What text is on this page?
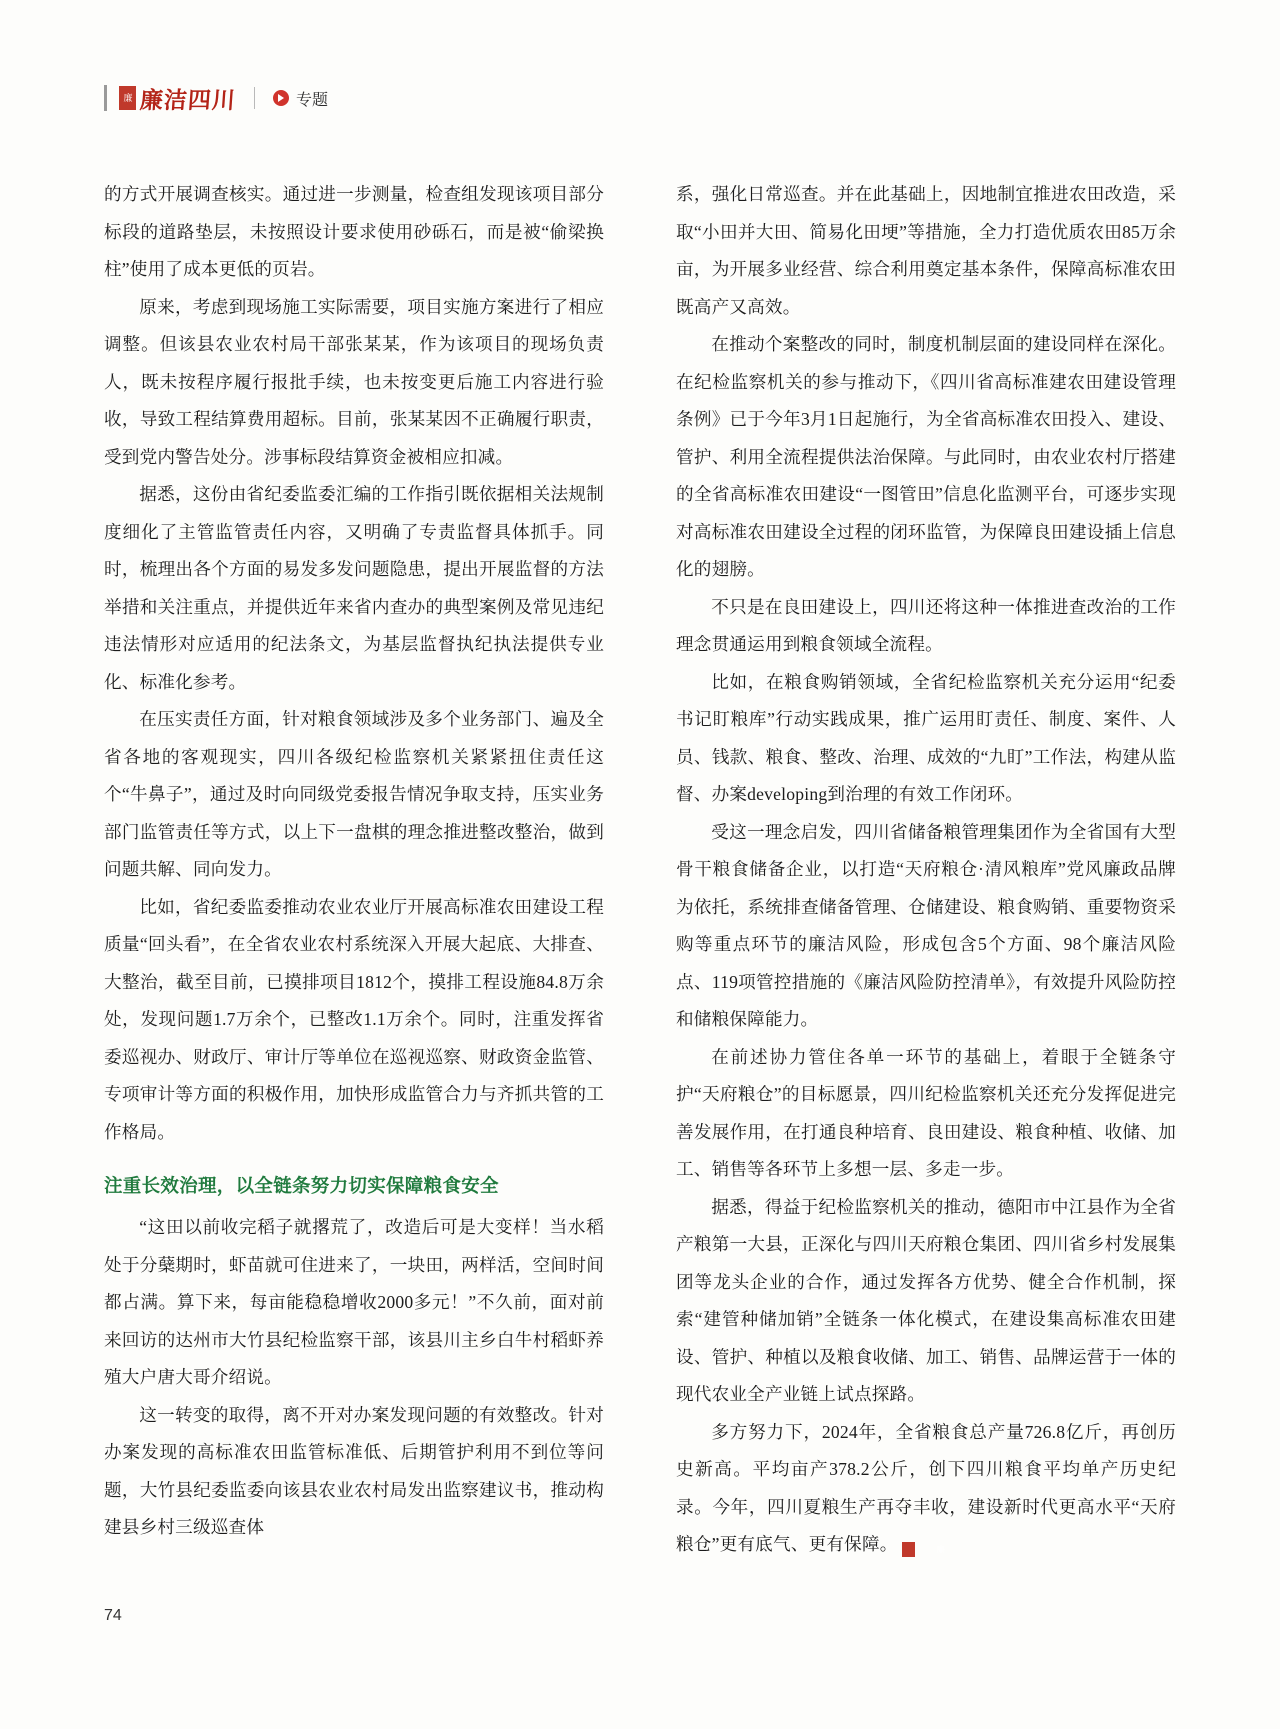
廉 廉洁四川	专题

的方式开展调查核实。通过进一步测量，检查组发现该项目部分标段的道路垫层，未按照设计要求使用砂砾石，而是被“偷梁换柱”使用了成本更低的页岩。

原来，考虑到现场施工实际需要，项目实施方案进行了相应调整。但该县农业农村局干部张某某，作为该项目的现场负责人，既未按程序履行报批手续，也未按变更后施工内容进行验收，导致工程结算费用超标。目前，张某某因不正确履行职责，受到党内警告处分。涉事标段结算资金被相应扣减。

据悉，这份由省纪委监委汇编的工作指引既依据相关法规制度细化了主管监管责任内容，又明确了专责监督具体抓手。同时，梳理出各个方面的易发多发问题隐患，提出开展监督的方法举措和关注重点，并提供近年来省内查办的典型案例及常见违纪违法情形对应适用的纪法条文，为基层监督执纪执法提供专业化、标准化参考。

在压实责任方面，针对粮食领域涉及多个业务部门、遍及全省各地的客观现实，四川各级纪检监察机关紧紧扭住责任这个“牛鼻子”，通过及时向同级党委报告情况争取支持，压实业务部门监管责任等方式，以上下一盘棋的理念推进整改整治，做到问题共解、同向发力。

比如，省纪委监委推动农业农业厅开展高标准农田建设工程质量“回头看”，在全省农业农村系统深入开展大起底、大排查、大整治，截至目前，已摸排项目1812个，摸排工程设施84.8万余处，发现问题1.7万余个，已整改1.1万余个。同时，注重发挥省委巡视办、财政厅、审计厅等单位在巡视巡察、财政资金监管、专项审计等方面的积极作用，加快形成监管合力与齐抓共管的工作格局。

注重长效治理，以全链条努力切实保障粮食安全

“这田以前收完稻子就撂荒了，改造后可是大变样！当水稻处于分蘖期时，虾苗就可住进来了，一块田，两样活，空间时间都占满。算下来，每亩能稳稳增收2000多元！”不久前，面对前来回访的达州市大竹县纪检监察干部，该县川主乡白牛村稻虾养殖大户唐大哥介绍说。

这一转变的取得，离不开对办案发现问题的有效整改。针对办案发现的高标准农田监管标准低、后期管护利用不到位等问题，大竹县纪委监委向该县农业农村局发出监察建议书，推动构建县乡村三级巡查体

系，强化日常巡查。并在此基础上，因地制宜推进农田改造，采取“小田并大田、简易化田埂”等措施，全力打造优质农田85万余亩，为开展多业经营、综合利用奠定基本条件，保障高标准农田既高产又高效。

在推动个案整改的同时，制度机制层面的建设同样在深化。在纪检监察机关的参与推动下，《四川省高标准建农田建设管理条例》已于今年3月1日起施行，为全省高标准农田投入、建设、管护、利用全流程提供法治保障。与此同时，由农业农村厅搭建的全省高标准农田建设“一图管田”信息化监测平台，可逐步实现对高标准农田建设全过程的闭环监管，为保障良田建设插上信息化的翅膀。

不只是在良田建设上，四川还将这种一体推进查改治的工作理念贯通运用到粮食领域全流程。

比如，在粮食购销领域，全省纪检监察机关充分运用“纪委书记盯粮库”行动实践成果，推广运用盯责任、制度、案件、人员、钱款、粮食、整改、治理、成效的“九盯”工作法，构建从监督、办案developing到治理的有效工作闭环。

受这一理念启发，四川省储备粮管理集团作为全省国有大型骨干粮食储备企业，以打造“天府粮仓·清风粮库”党风廉政品牌为依托，系统排查储备管理、仓储建设、粮食购销、重要物资采购等重点环节的廉洁风险，形成包含5个方面、98个廉洁风险点、119项管控措施的《廉洁风险防控清单》，有效提升风险防控和储粮保障能力。

在前述协力管住各单一环节的基础上，着眼于全链条守护“天府粮仓”的目标愿景，四川纪检监察机关还充分发挥促进完善发展作用，在打通良种培育、良田建设、粮食种植、收储、加工、销售等各环节上多想一层、多走一步。

据悉，得益于纪检监察机关的推动，德阳市中江县作为全省产粮第一大县，正深化与四川天府粮仓集团、四川省乡村发展集团等龙头企业的合作，通过发挥各方优势、健全合作机制，探索“建管种储加销”全链条一体化模式，在建设集高标准农田建设、管护、种植以及粮食收储、加工、销售、品牌运营于一体的现代农业全产业链上试点探路。

多方努力下，2024年，全省粮食总产量726.8亿斤，再创历史新高。平均亩产378.2公斤，创下四川粮食平均单产历史纪录。今年，四川夏粮生产再夺丰收，建设新时代更高水平“天府粮仓”更有底气、更有保障。	廉

74
